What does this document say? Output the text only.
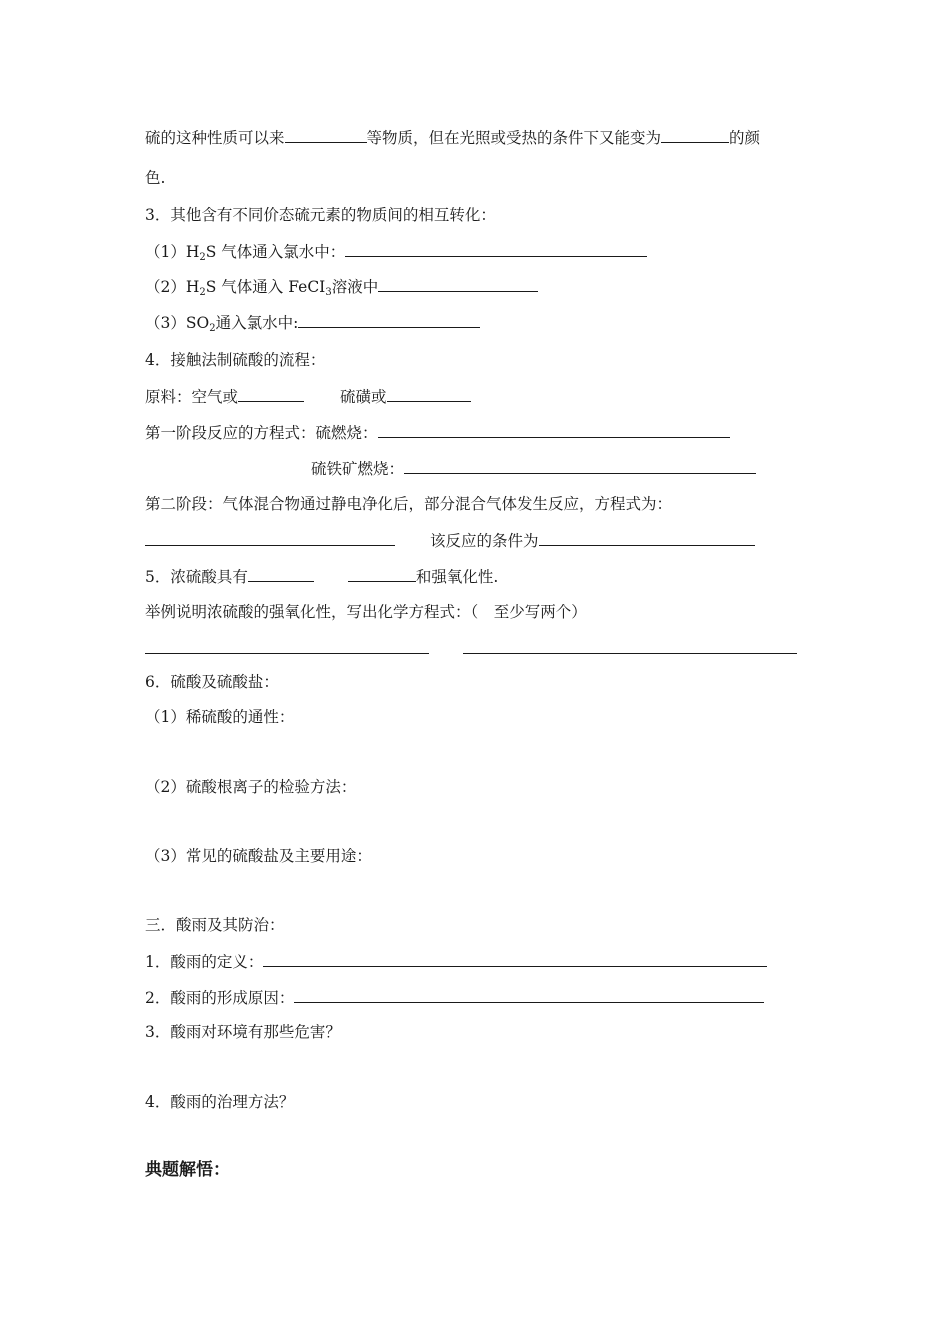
硫的这种性质可以来	等物质，但在光照或受热的条件下又能变为	的颜
色.
3．其他含有不同价态硫元素的物质间的相互转化：
$(1)H_2S$ 气体通入氯水中：
$(2)H_2S$ 气体通入 FeCI$_3$溶液中
$(3)SO_2$通入氯水中:
4．接触法制硫酸的流程：
原料：空气或	硫磺或
第一阶段反应的方程式：硫燃烧：
硫铁矿燃烧：
第二阶段：气体混合物通过静电净化后，部分混合气体发生反应，方程式为：
该反应的条件为
5．浓硫酸具有	和强氧化性.
举例说明浓硫酸的强氧化性，写出化学方程式：（　至少写两个）
6．硫酸及硫酸盐：
（1）稀硫酸的通性：
（2）硫酸根离子的检验方法：
（3）常见的硫酸盐及主要用途：
三．酸雨及其防治：
1．酸雨的定义：
2．酸雨的形成原因：
3．酸雨对环境有那些危害？
4．酸雨的治理方法？
典题解悟：
